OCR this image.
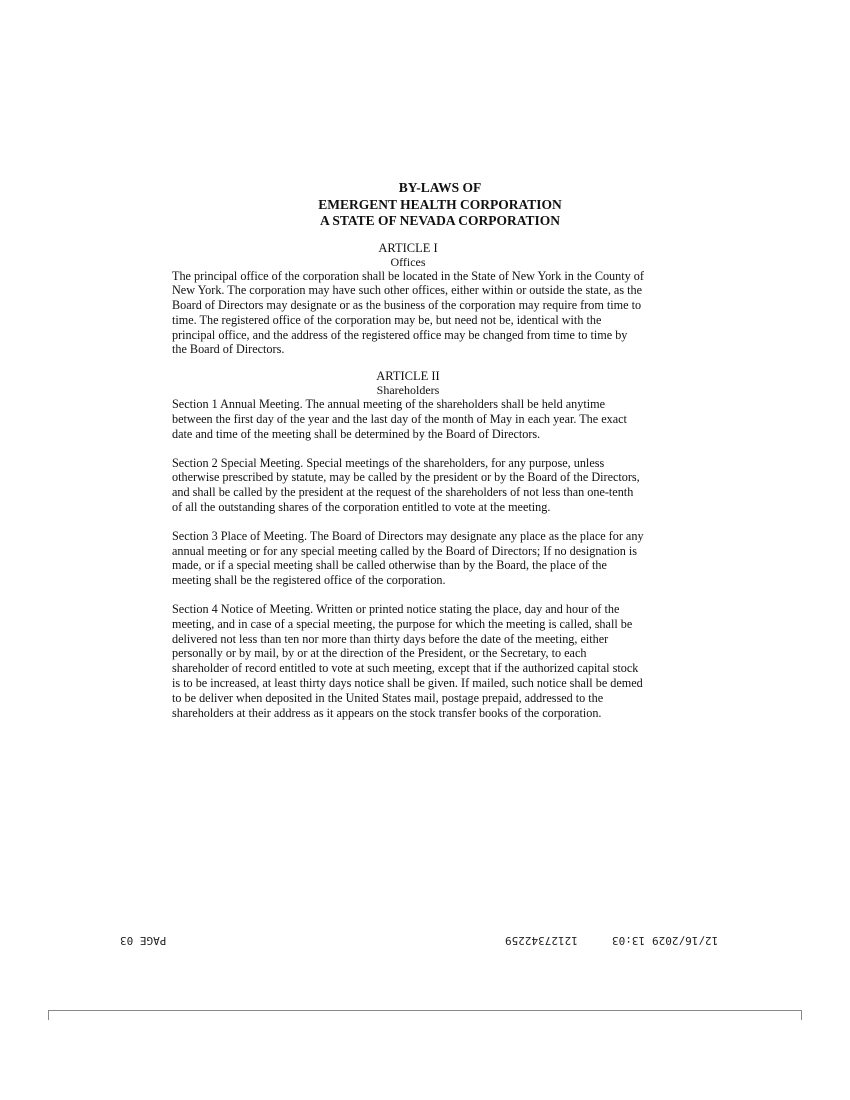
BY-LAWS OF
EMERGENT HEALTH CORPORATION
A STATE OF NEVADA CORPORATION
ARTICLE I
Offices

The principal office of the corporation shall be located in the State of New York in the County of New York. The corporation may have such other offices, either within or outside the state, as the Board of Directors may designate or as the business of the corporation may require from time to time. The registered office of the corporation may be, but need not be, identical with the principal office, and the address of the registered office may be changed from time to time by the Board of Directors.

ARTICLE II
Shareholders

Section 1 Annual Meeting. The annual meeting of the shareholders shall be held anytime between the first day of the year and the last day of the month of May in each year. The exact date and time of the meeting shall be determined by the Board of Directors.

Section 2 Special Meeting. Special meetings of the shareholders, for any purpose, unless otherwise prescribed by statute, may be called by the president or by the Board of the Directors, and shall be called by the president at the request of the shareholders of not less than one-tenth of all the outstanding shares of the corporation entitled to vote at the meeting.

Section 3 Place of Meeting. The Board of Directors may designate any place as the place for any annual meeting or for any special meeting called by the Board of Directors; If no designation is made, or if a special meeting shall be called otherwise than by the Board, the place of the meeting shall be the registered office of the corporation.

Section 4 Notice of Meeting. Written or printed notice stating the place, day and hour of the meeting, and in case of a special meeting, the purpose for which the meeting is called, shall be delivered not less than ten nor more than thirty days before the date of the meeting, either personally or by mail, by or at the direction of the President, or the Secretary, to each shareholder of record entitled to vote at such meeting, except that if the authorized capital stock is to be increased, at least thirty days notice shall be given. If mailed, such notice shall be demed to be deliver when deposited in the United States mail, postage prepaid, addressed to the shareholders at their address as it appears on the stock transfer books of the corporation.

PAGE 03	12127342259	13:03 12/16/2029
